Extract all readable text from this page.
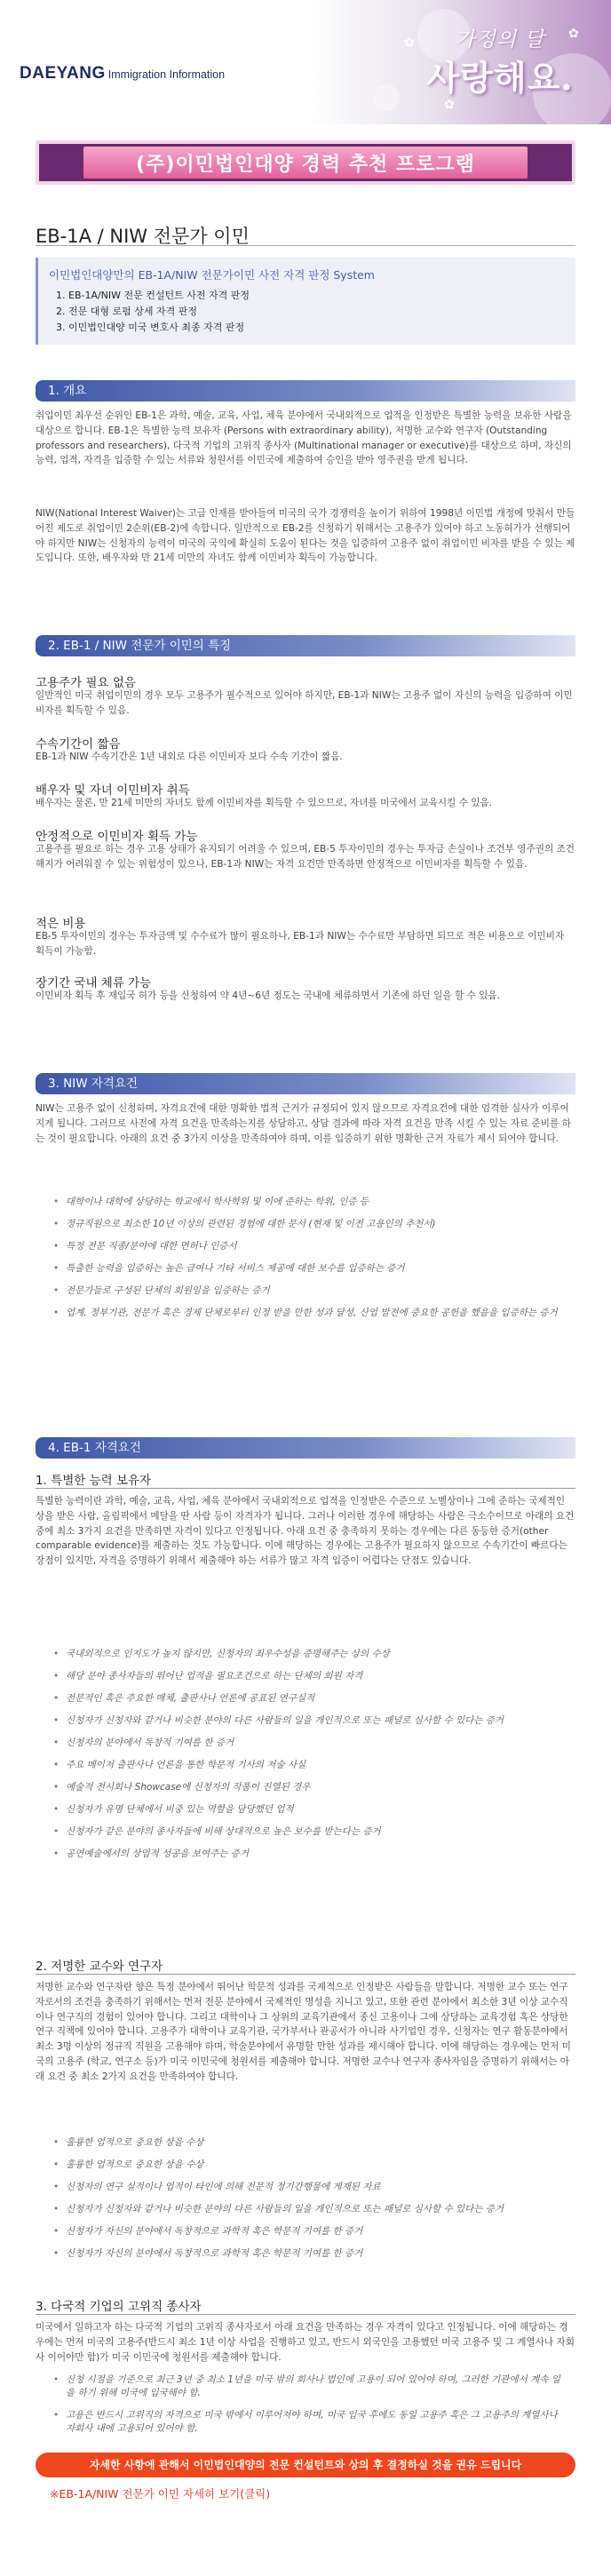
✿
✿
✿
DAEYANG Immigration Information
가정의 달
사랑해요.
(주)이민법인대양 경력 추천 프로그램
EB-1A / NIW 전문가 이민
이민법인대양만의 EB-1A/NIW 전문가이민 사전 자격 판정 System
1. EB-1A/NIW 전문 컨설턴트 사전 자격 판정
2. 전문 대형 로펌 상세 자격 판정
3. 이민법인대양 미국 변호사 최종 자격 판정
1. 개요

취업이민 최우선 순위인 EB-1은 과학, 예술, 교육, 사업, 체육 분야에서 국내외적으로 업적을 인정받은 특별한 능력을 보유한 사람을 대상으로 합니다. EB-1은 특별한 능력 보유자 (Persons with extraordinary ability), 저명한 교수와 연구자 (Outstanding professors and researchers), 다국적 기업의 고위직 종사자 (Multinational manager or executive)를 대상으로 하며, 자신의 능력, 업적, 자격을 입증할 수 있는 서류와 청원서를 이민국에 제출하여 승인을 받아 영주권을 받게 됩니다.

NIW(National Interest Waiver)는 고급 인재를 받아들여 미국의 국가 경쟁력을 높이기 위하여 1998년 이민법 개정에 맞춰서 만들어진 제도로 취업이민 2순위(EB-2)에 속합니다. 일반적으로 EB-2를 신청하기 위해서는 고용주가 있어야 하고 노동허가가 선행되어야 하지만 NIW는 신청자의 능력이 미국의 국익에 확실히 도움이 된다는 것을 입증하여 고용주 없이 취업이민 비자를 받을 수 있는 제도입니다. 또한, 배우자와 만 21세 미만의 자녀도 함께 이민비자 획득이 가능합니다.

2. EB-1 / NIW 전문가 이민의 특징
고용주가 필요 없음

일반적인 미국 취업이민의 경우 모두 고용주가 필수적으로 있어야 하지만, EB-1과 NIW는 고용주 없이 자신의 능력을 입증하여 이민비자를 획득할 수 있음.

수속기간이 짧음

EB-1과 NIW 수속기간은 1년 내외로 다른 이민비자 보다 수속 기간이 짧음.

배우자 및 자녀 이민비자 취득

배우자는 물론, 만 21세 미만의 자녀도 함께 이민비자를 획득할 수 있으므로, 자녀를 미국에서 교육시킬 수 있음.

안정적으로 이민비자 획득 가능

고용주를 필요로 하는 경우 고용 상태가 유지되기 어려울 수 있으며, EB-5 투자이민의 경우는 투자금 손실이나 조건부 영주권의 조건 해지가 어려워질 수 있는 위험성이 있으나, EB-1과 NIW는 자격 요건만 만족하면 안정적으로 이민비자를 획득할 수 있음.

적은 비용

EB-5 투자이민의 경우는 투자금액 및 수수료가 많이 필요하나, EB-1과 NIW는 수수료만 부담하면 되므로 적은 비용으로 이민비자 획득이 가능함.

장기간 국내 체류 가능

이민비자 획득 후 재입국 허가 등을 신청하여 약 4년~6년 정도는 국내에 체류하면서 기존에 하던 일을 할 수 있음.

3. NIW 자격요건

NIW는 고용주 없이 신청하며, 자격요건에 대한 명확한 법적 근거가 규정되어 있지 않으므로 자격요건에 대한 엄격한 심사가 이루어지게 됩니다. 그러므로 사전에 자격 요건을 만족하는지를 상담하고, 상담 결과에 따라 자격 요건을 만족 시킬 수 있는 자료 준비를 하는 것이 필요합니다. 아래의 요건 중 3가지 이상을 만족하여야 하며, 이를 입증하기 위한 명확한 근거 자료가 제시 되어야 합니다.

• 대학이나 대학에 상당하는 학교에서 학사학위 및 이에 준하는 학위, 인증 등
• 정규직원으로 최소한 10년 이상의 관련된 경험에 대한 문서 (현재 및 이전 고용인의 추천서)
• 특정 전문 직종/분야에 대한 면허나 인증서
• 특출한 능력을 입증하는 높은 급여나 기타 서비스 제공에 대한 보수를 입증하는 증거
• 전문가들로 구성된 단체의 회원임을 입증하는 증거
• 업계, 정부기관, 전문가 혹은 경제 단체로부터 인정 받을 만한 성과 달성, 산업 발전에 중요한 공헌을 했음을 입증하는 증거
4. EB-1 자격요건
1. 특별한 능력 보유자

특별한 능력이란 과학, 예술, 교육, 사업, 체육 분야에서 국내외적으로 업적을 인정받은 수준으로 노벨상이나 그에 준하는 국제적인 상을 받은 사람, 올림픽에서 메달을 딴 사람 등이 자격자가 됩니다. 그러나 이러한 경우에 해당하는 사람은 극소수이므로 아래의 요건 중에 최소 3가지 요건을 만족하면 자격이 있다고 인정됩니다. 아래 요건 중 충족하지 못하는 경우에는 다른 동등한 증거(other comparable evidence)를 제출하는 것도 가능합니다. 이에 해당하는 경우에는 고용주가 필요하지 않으므로 수속기간이 빠르다는 장점이 있지만, 자격을 증명하기 위해서 제출해야 하는 서류가 많고 자격 입증이 어렵다는 단점도 있습니다.

• 국내외적으로 인지도가 높지 않지만, 신청자의 최우수성을 증명해주는 상의 수상
• 해당 분야 종사자들의 뛰어난 업적을 필요조건으로 하는 단체의 회원 자격
• 전문적인 혹은 주요한 매체, 출판사나 언론에 공표된 연구실적
• 신청자가 신청자와 같거나 비슷한 분야의 다른 사람들의 일을 개인적으로 또는 패널로 심사할 수 있다는 증거
• 신청자의 분야에서 독창적 기여를 한 증거
• 주요 메이저 출판사나 언론을 통한 학문적 기사의 저술 사실
• 예술적 전시회나 Showcase에 신청자의 작품이 진열된 경우
• 신청자가 유명 단체에서 비중 있는 역할을 담당했던 업적
• 신청자가 같은 분야의 종사자들에 비해 상대적으로 높은 보수를 받는다는 증거
• 공연예술에서의 상업적 성공을 보여주는 증거
2. 저명한 교수와 연구자

저명한 교수와 연구자란 향은 특정 분야에서 뛰어난 학문적 성과를 국제적으로 인정받은 사람들을 말합니다. 저명한 교수 또는 연구자로서의 조건을 충족하기 위해서는 먼저 전문 분야에서 국제적인 명성을 지니고 있고, 또한 관련 분야에서 최소한 3년 이상 교수직이나 연구직의 경험이 있어야 합니다. 그리고 대학이나 그 상위의 교육기관에서 종신 고용이나 그에 상당하는 교육경험 혹은 상당한 연구 직책에 있어야 합니다. 고용주가 대학이나 교육기관, 국가부서나 관공서가 아니라 사기업인 경우, 신청자는 연구 활동분야에서 최소 3명 이상의 정규직 직원을 고용해야 하며, 학술분야에서 유명할 만한 성과를 제시해야 합니다. 이에 해당하는 경우에는 먼저 미국의 고용주 (학교, 연구소 등)가 미국 이민국에 청원서를 제출해야 합니다. 저명한 교수나 연구자 종사자임을 증명하기 위해서는 아래 요건 중 최소 2가지 요건을 만족하여야 합니다.

• 훌륭한 업적으로 중요한 상을 수상
• 훌륭한 업적으로 중요한 상을 수상
• 신청자의 연구 실적이나 업적이 타인에 의해 전문적 정기간행물에 게재된 자료
• 신청자가 신청자와 같거나 비슷한 분야의 다른 사람들의 일을 개인적으로 또는 패널로 심사할 수 있다는 증거
• 신청자가 자신의 분야에서 독창적으로 과학적 혹은 학문적 기여를 한 증거
• 신청자가 자신의 분야에서 독창적으로 과학적 혹은 학문적 기여를 한 증거
3. 다국적 기업의 고위직 종사자

미국에서 일하고자 하는 다국적 기업의 고위직 종사자로서 아래 요건을 만족하는 경우 자격이 있다고 인정됩니다. 이에 해당하는 경우에는 먼저 미국의 고용주(반드시 최소 1년 이상 사업을 진행하고 있고, 반드시 외국인을 고용했던 미국 고용주 및 그 계열사나 자회사 이어야만 함)가 미국 이민국에 청원서를 제출해야 합니다.

• 신청 시점을 기준으로 최근 3년 중 최소 1년을 미국 밖의 회사나 법인에 고용이 되어 있어야 하며, 그러한 기관에서 계속 일을 하기 위해 미국에 입국해야 함.
• 고용은 반드시 고위직의 자격으로 미국 밖에서 이루어져야 하며, 미국 입국 후에도 동일 고용주 혹은 그 고용주의 계열사나 자회사 내에 고용되어 있어야 함.
자세한 사항에 관해서 이민법인대양의 전문 컨설턴트와 상의 후 결정하실 것을 권유 드립니다
※EB-1A/NIW 전문가 이민 자세히 보기(클릭)
